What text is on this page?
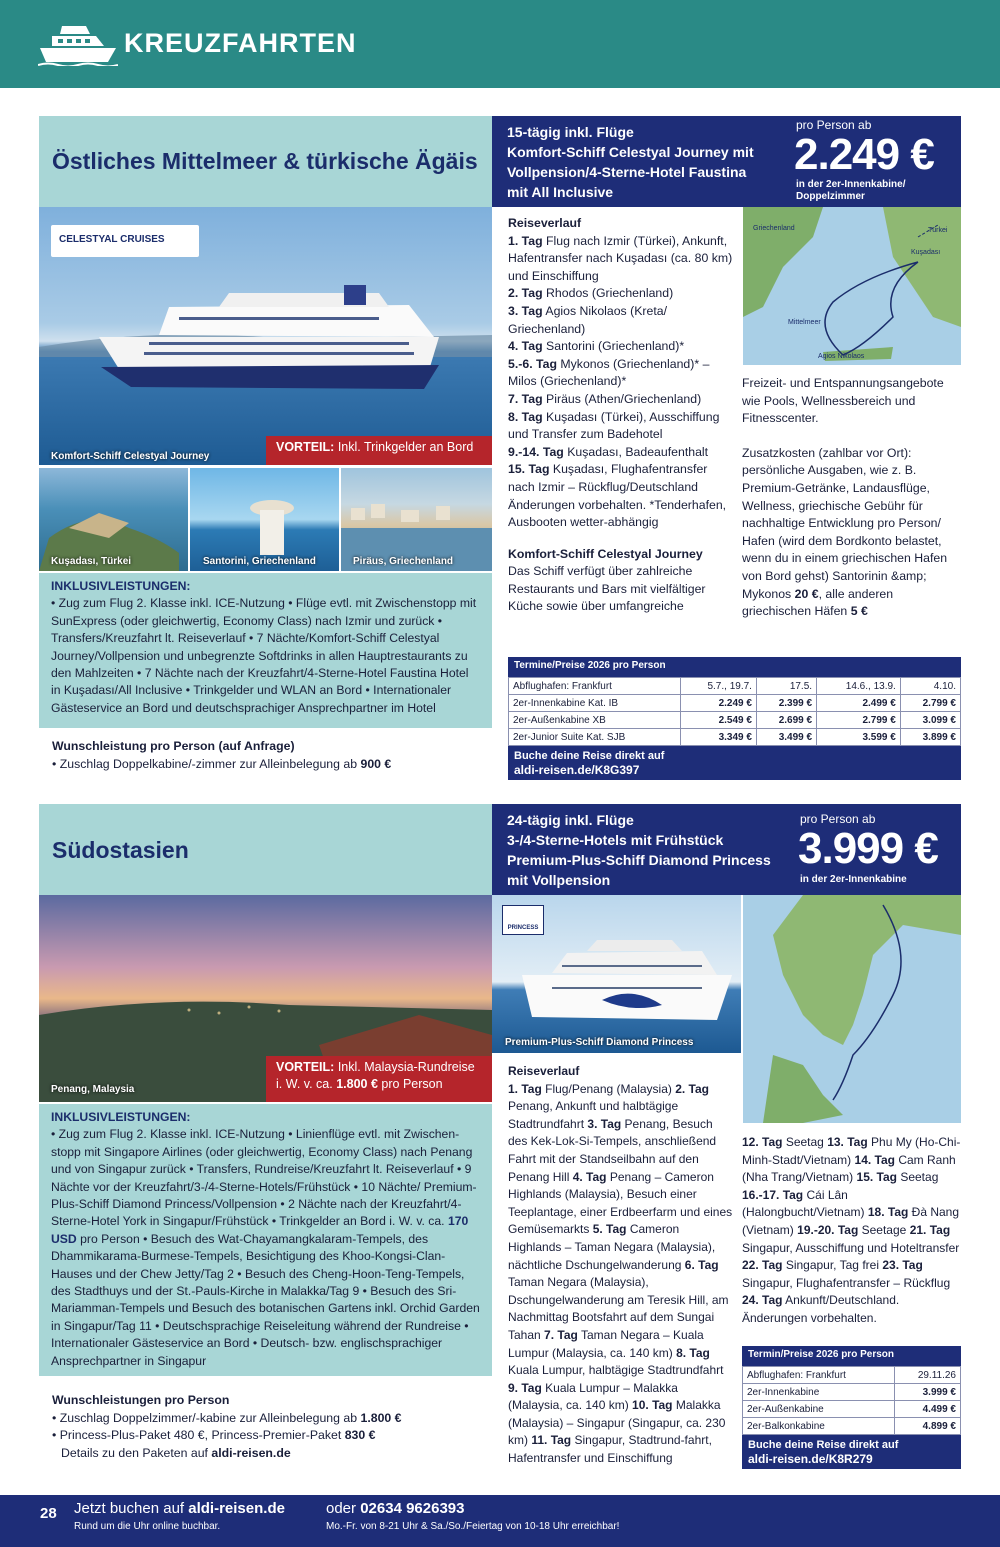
KREUZFAHRTEN
Östliches Mittelmeer & türkische Ägäis
15-tägig inkl. Flüge
Komfort-Schiff Celestyal Journey mit
Vollpension/4-Sterne-Hotel Faustina
mit All Inclusive
pro Person ab
2.249 €
in der 2er-Innenkabine/ Doppelzimmer
CELESTYAL CRUISES
Komfort-Schiff Celestyal Journey
VORTEIL: Inkl. Trinkgelder an Bord
Kuşadası, Türkei	Santorini, Griechenland	Piräus, Griechenland
INKLUSIVLEISTUNGEN:
• Zug zum Flug 2. Klasse inkl. ICE-Nutzung • Flüge evtl. mit Zwischenstopp mit SunExpress (oder gleichwertig, Economy Class) nach Izmir und zurück • Transfers/Kreuzfahrt lt. Reiseverlauf • 7 Nächte/Komfort-Schiff Celestyal Journey/Vollpension und unbegrenzte Softdrinks in allen Hauptrestaurants zu den Mahlzeiten • 7 Nächte nach der Kreuzfahrt/4-Sterne-Hotel Faustina Hotel in Kuşadası/All Inclusive • Trinkgelder und WLAN an Bord • Internationaler Gästeservice an Bord und deutschsprachiger Ansprechpartner im Hotel
Wunschleistung pro Person (auf Anfrage)
• Zuschlag Doppelkabine/-zimmer zur Alleinbelegung ab 900 €
Reiseverlauf

1. Tag Flug nach Izmir (Türkei), Ankunft, Hafentransfer nach Kuşadası (ca. 80 km) und Einschiffung
2. Tag Rhodos (Griechenland)
3. Tag Agios Nikolaos (Kreta/ Griechenland)
4. Tag Santorini (Griechenland)*
5.-6. Tag Mykonos (Griechenland)* – Milos (Griechenland)*
7. Tag Piräus (Athen/Griechenland)
8. Tag Kuşadası (Türkei), Ausschiffung und Transfer zum Badehotel
9.-14. Tag Kuşadası, Badeaufenthalt
15. Tag Kuşadası, Flughafentransfer nach Izmir – Rückflug/Deutschland
Änderungen vorbehalten. *Tenderhafen, Ausbooten wetter-abhängig
Komfort-Schiff Celestyal Journey
Das Schiff verfügt über zahlreiche Restaurants und Bars mit vielfältiger Küche sowie über umfangreiche
Mittelmeer
Türkei
Kuşadası
Agios Nikolaos
Griechenland
Freizeit- und Entspannungsangebote wie Pools, Wellnessbereich und Fitnesscenter.
Zusatzkosten (zahlbar vor Ort): persönliche Ausgaben, wie z. B. Premium-Getränke, Landausflüge, Wellness, griechische Gebühr für nachhaltige Entwicklung pro Person/ Hafen (wird dem Bordkonto belastet, wenn du in einem griechischen Hafen von Bord gehst) Santorinin &amp; Mykonos 20 €, alle anderen griechischen Häfen 5 €
Termine/Preise 2026 pro Person
Abflughafen: Frankfurt	5.7., 19.7.	17.5.	14.6., 13.9.	4.10.
2er-Innenkabine Kat. IB	2.249 €	2.399 €	2.499 €	2.799 €
2er-Außenkabine XB	2.549 €	2.699 €	2.799 €	3.099 €
2er-Junior Suite Kat. SJB	3.349 €	3.499 €	3.599 €	3.899 €
Buche deine Reise direkt auf
aldi-reisen.de/K8G397
Südostasien
24-tägig inkl. Flüge
3-/4-Sterne-Hotels mit Frühstück
Premium-Plus-Schiff Diamond Princess
mit Vollpension
pro Person ab
3.999 €
in der 2er-Innenkabine
Penang, Malaysia
VORTEIL: Inkl. Malaysia-Rundreise
i. W. v. ca. 1.800 € pro Person
PRINCESS
Premium-Plus-Schiff Diamond Princess
INKLUSIVLEISTUNGEN:
• Zug zum Flug 2. Klasse inkl. ICE-Nutzung • Linienflüge evtl. mit Zwischen-stopp mit Singapore Airlines (oder gleichwertig, Economy Class) nach Penang und von Singapur zurück • Transfers, Rundreise/Kreuzfahrt lt. Reiseverlauf • 9 Nächte vor der Kreuzfahrt/3-/4-Sterne-Hotels/Frühstück • 10 Nächte/ Premium-Plus-Schiff Diamond Princess/Vollpension • 2 Nächte nach der Kreuzfahrt/4-Sterne-Hotel York in Singapur/Frühstück • Trinkgelder an Bord i. W. v. ca. 170 USD pro Person • Besuch des Wat-Chayamangkalaram-Tempels, des Dhammikarama-Burmese-Tempels, Besichtigung des Khoo-Kongsi-Clan-Hauses und der Chew Jetty/Tag 2 • Besuch des Cheng-Hoon-Teng-Tempels, des Stadthuys und der St.-Pauls-Kirche in Malakka/Tag 9 • Besuch des Sri-Mariamman-Tempels und Besuch des botanischen Gartens inkl. Orchid Garden in Singapur/Tag 11 • Deutschsprachige Reiseleitung während der Rundreise • Internationaler Gästeservice an Bord • Deutsch- bzw. englischsprachiger Ansprechpartner in Singapur
Wunschleistungen pro Person

• Zuschlag Doppelzimmer/-kabine zur Alleinbelegung ab 1.800 €
• Princess-Plus-Paket 480 €, Princess-Premier-Paket 830 €
Details zu den Paketen auf aldi-reisen.de
Reiseverlauf
1. Tag Flug/Penang (Malaysia) 2. Tag Penang, Ankunft und halbtägige Stadtrundfahrt 3. Tag Penang, Besuch des Kek-Lok-Si-Tempels, anschließend Fahrt mit der Standseilbahn auf den Penang Hill 4. Tag Penang – Cameron Highlands (Malaysia), Besuch einer Teeplantage, einer Erdbeerfarm und eines Gemüsemarkts 5. Tag Cameron Highlands – Taman Negara (Malaysia), nächtliche Dschungelwanderung 6. Tag Taman Negara (Malaysia), Dschungelwanderung am Teresik Hill, am Nachmittag Bootsfahrt auf dem Sungai Tahan 7. Tag Taman Negara – Kuala Lumpur (Malaysia, ca. 140 km) 8. Tag Kuala Lumpur, halbtägige Stadtrundfahrt 9. Tag Kuala Lumpur – Malakka (Malaysia, ca. 140 km) 10. Tag Malakka (Malaysia) – Singapur (Singapur, ca. 230 km) 11. Tag Singapur, Stadtrund-fahrt, Hafentransfer und Einschiffung
12. Tag Seetag 13. Tag Phu My (Ho-Chi-Minh-Stadt/Vietnam) 14. Tag Cam Ranh (Nha Trang/Vietnam) 15. Tag Seetag 16.-17. Tag Cái Lân (Halongbucht/Vietnam) 18. Tag Đà Nang (Vietnam) 19.-20. Tag Seetage 21. Tag Singapur, Ausschiffung und Hoteltransfer 22. Tag Singapur, Tag frei 23. Tag Singapur, Flughafentransfer – Rückflug 24. Tag Ankunft/Deutschland. Änderungen vorbehalten.
Termin/Preise 2026 pro Person
Abflughafen: Frankfurt	29.11.26
2er-Innenkabine	3.999 €
2er-Außenkabine	4.499 €
2er-Balkonkabine	4.899 €
Buche deine Reise direkt auf
aldi-reisen.de/K8R279
28 Jetzt buchen auf aldi-reisen.de
Rund um die Uhr online buchbar.
oder 02634 9626393
Mo.-Fr. von 8-21 Uhr & Sa./So./Feiertag von 10-18 Uhr erreichbar!
